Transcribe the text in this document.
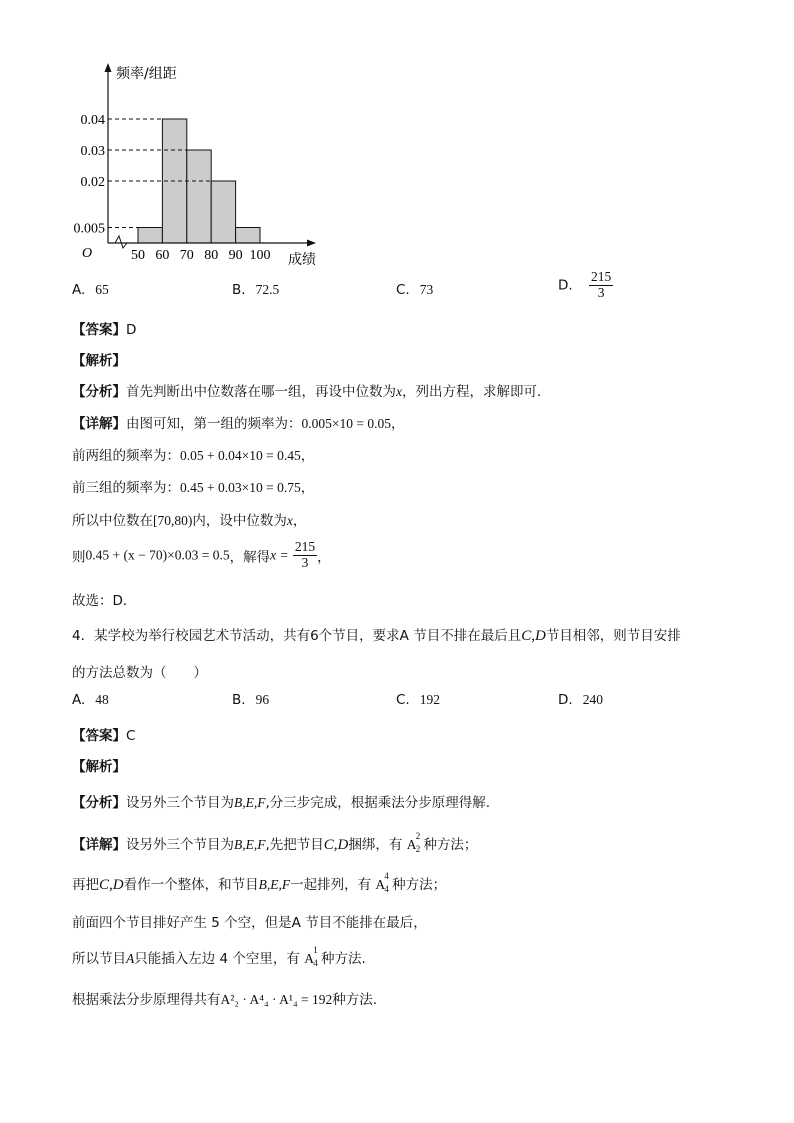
频率/组距
成绩
O	50 60 70 80 90 100
0.04
0.03
0.02
0.005
A. 65	B. 72.5	C. 73	D. $\frac{215}{3}$
【答案】D
【解析】
【分析】首先判断出中位数落在哪一组，再设中位数为x，列出方程，求解即可．
【详解】由图可知，第一组的频率为：0.005×10 = 0.05，
前两组的频率为：0.05 + 0.04×10 = 0.45，
前三组的频率为：0.45 + 0.03×10 = 0.75，
所以中位数在[70,80)内，设中位数为x，
则0.45 + (x − 70)×0.03 = 0.5，解得$x = \frac{215}{3}$ ，
故选：D．
4．某学校为举行校园艺术节活动，共有6个节目，要求A 节目不排在最后且C,D节目相邻，则节目安排
的方法总数为（　　）
A. 48	B. 96	C. 192	D. 240
【答案】C
【解析】
【分析】设另外三个节目为B,E,F,分三步完成，根据乘法分步原理得解.
【详解】设另外三个节目为B,E,F,先把节目C,D捆绑，有 A
2
2 种方法；
再把C,D看作一个整体，和节目B,E,F一起排列，有 A
4
4 种方法；
前面四个节目排好产生 5 个空，但是A 节目不能排在最后，
所以节目A只能插入左边 4 个空里，有 A
1
4 种方法.
根据乘法分步原理得共有A²₂ · A⁴₄ · A¹₄ = 192种方法.
